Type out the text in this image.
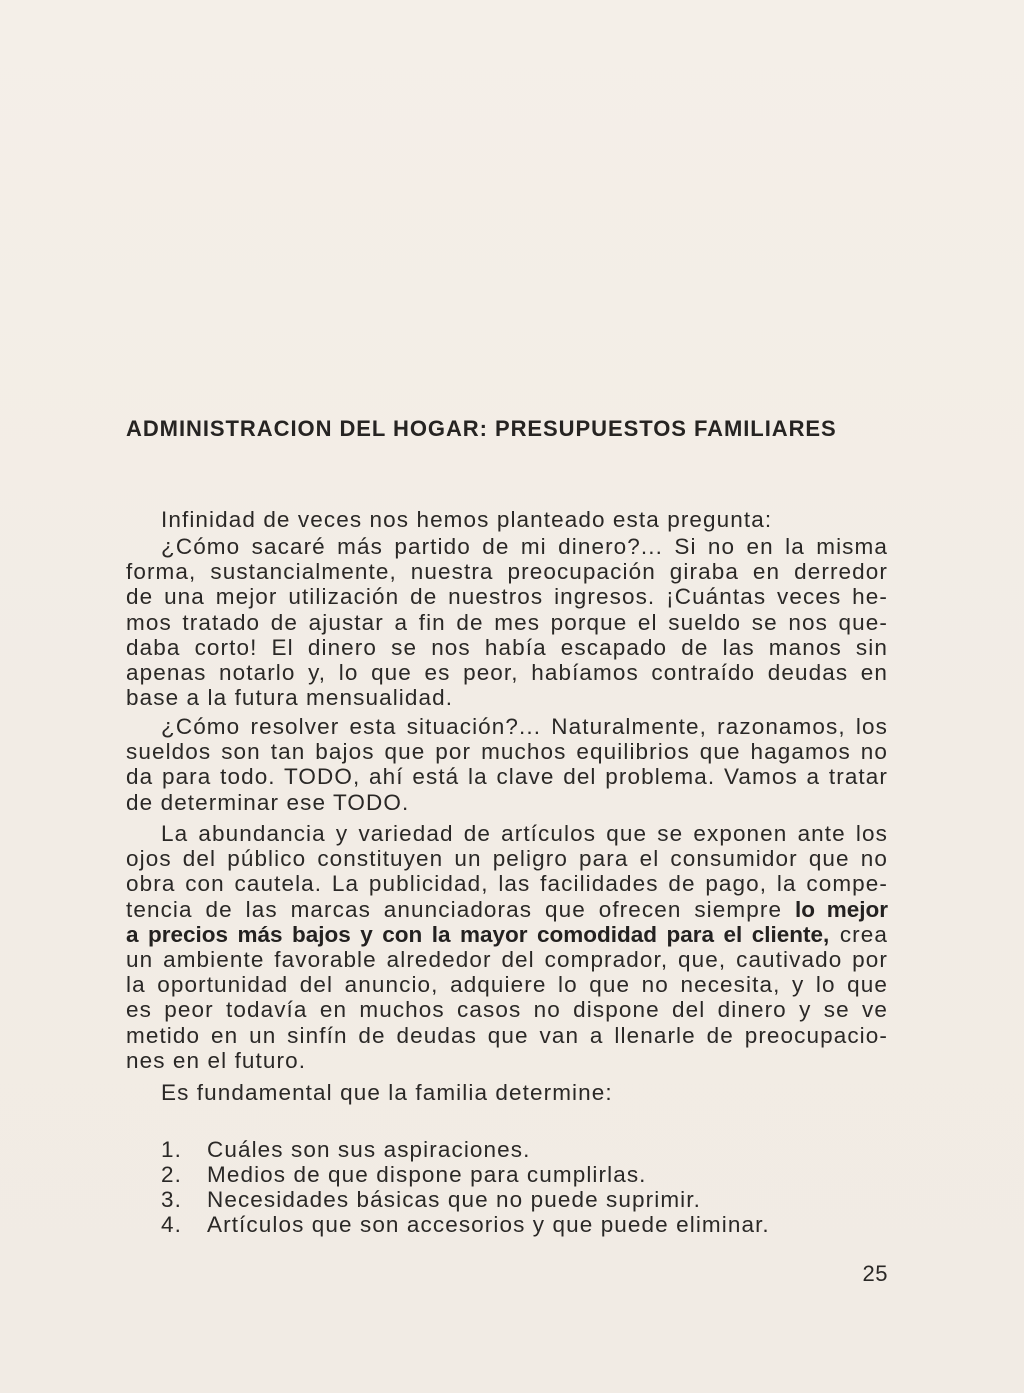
ADMINISTRACION DEL HOGAR: PRESUPUESTOS FAMILIARES
Infinidad de veces nos hemos planteado esta pregunta:
¿Cómo sacaré más partido de mi dinero?... Si no en la misma
forma, sustancialmente, nuestra preocupación giraba en derredor
de una mejor utilización de nuestros ingresos. ¡Cuántas veces he-
mos tratado de ajustar a fin de mes porque el sueldo se nos que-
daba corto! El dinero se nos había escapado de las manos sin
apenas notarlo y, lo que es peor, habíamos contraído deudas en
base a la futura mensualidad.
¿Cómo resolver esta situación?... Naturalmente, razonamos, los
sueldos son tan bajos que por muchos equilibrios que hagamos no
da para todo. TODO, ahí está la clave del problema. Vamos a tratar
de determinar ese TODO.
La abundancia y variedad de artículos que se exponen ante los
ojos del público constituyen un peligro para el consumidor que no
obra con cautela. La publicidad, las facilidades de pago, la compe-
tencia de las marcas anunciadoras que ofrecen siempre lo mejor
a precios más bajos y con la mayor comodidad para el cliente, crea
un ambiente favorable alrededor del comprador, que, cautivado por
la oportunidad del anuncio, adquiere lo que no necesita, y lo que
es peor todavía en muchos casos no dispone del dinero y se ve
metido en un sinfín de deudas que van a llenarle de preocupacio-
nes en el futuro.
Es fundamental que la familia determine:
1.	Cuáles son sus aspiraciones.
2.	Medios de que dispone para cumplirlas.
3.	Necesidades básicas que no puede suprimir.
4.	Artículos que son accesorios y que puede eliminar.
25
